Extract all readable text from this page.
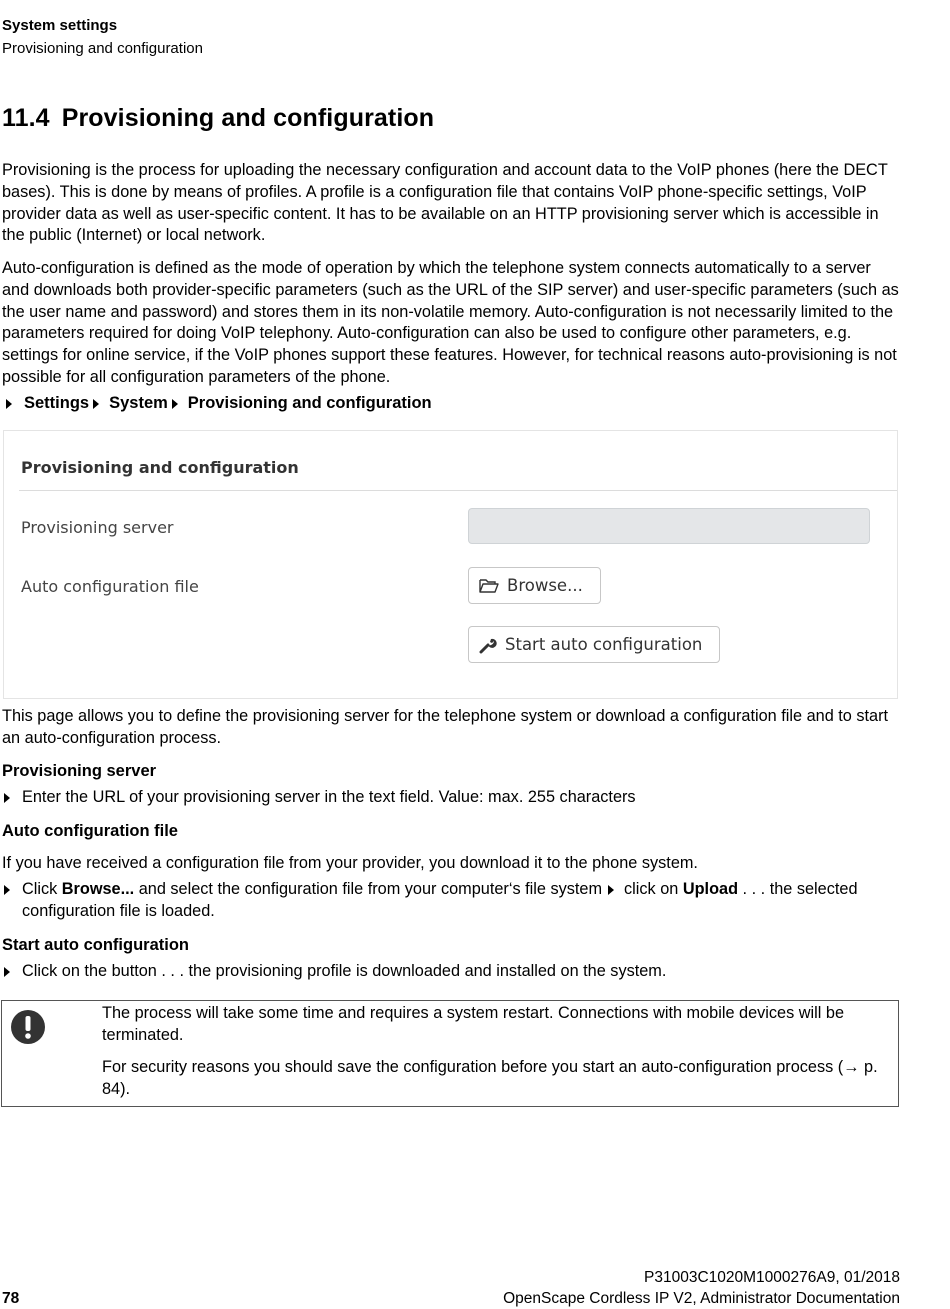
System settings
Provisioning and configuration
11.4 Provisioning and configuration
Provisioning is the process for uploading the necessary configuration and account data to the VoIP phones (here the DECT bases). This is done by means of profiles. A profile is a configuration file that contains VoIP phone-specific settings, VoIP provider data as well as user-specific content. It has to be available on an HTTP provisioning server which is accessible in the public (Internet) or local network.
Auto-configuration is defined as the mode of operation by which the telephone system connects automatically to a server and downloads both provider-specific parameters (such as the URL of the SIP server) and user-specific parameters (such as the user name and password) and stores them in its non-volatile memory. Auto-configuration is not necessarily limited to the parameters required for doing VoIP telephony. Auto-configuration can also be used to configure other parameters, e.g. settings for online service, if the VoIP phones support these features. However, for technical reasons auto-provisioning is not possible for all configuration parameters of the phone.
Settings System Provisioning and configuration
Provisioning and configuration
Provisioning server
Auto configuration file	Browse...
Start auto configuration
This page allows you to define the provisioning server for the telephone system or download a configuration file and to start an auto-configuration process.
Provisioning server
Enter the URL of your provisioning server in the text field. Value: max. 255 characters
Auto configuration file
If you have received a configuration file from your provider, you download it to the phone system.
Click Browse... and select the configuration file from your computer‘s file system click on Upload . . . the selected configuration file is loaded.
Start auto configuration
Click on the button . . . the provisioning profile is downloaded and installed on the system.
The process will take some time and requires a system restart. Connections with mobile devices will be terminated.
For security reasons you should save the configuration before you start an auto-configuration process (→ p. 84).
P31003C1020M1000276A9, 01/2018
78	OpenScape Cordless IP V2, Administrator Documentation
